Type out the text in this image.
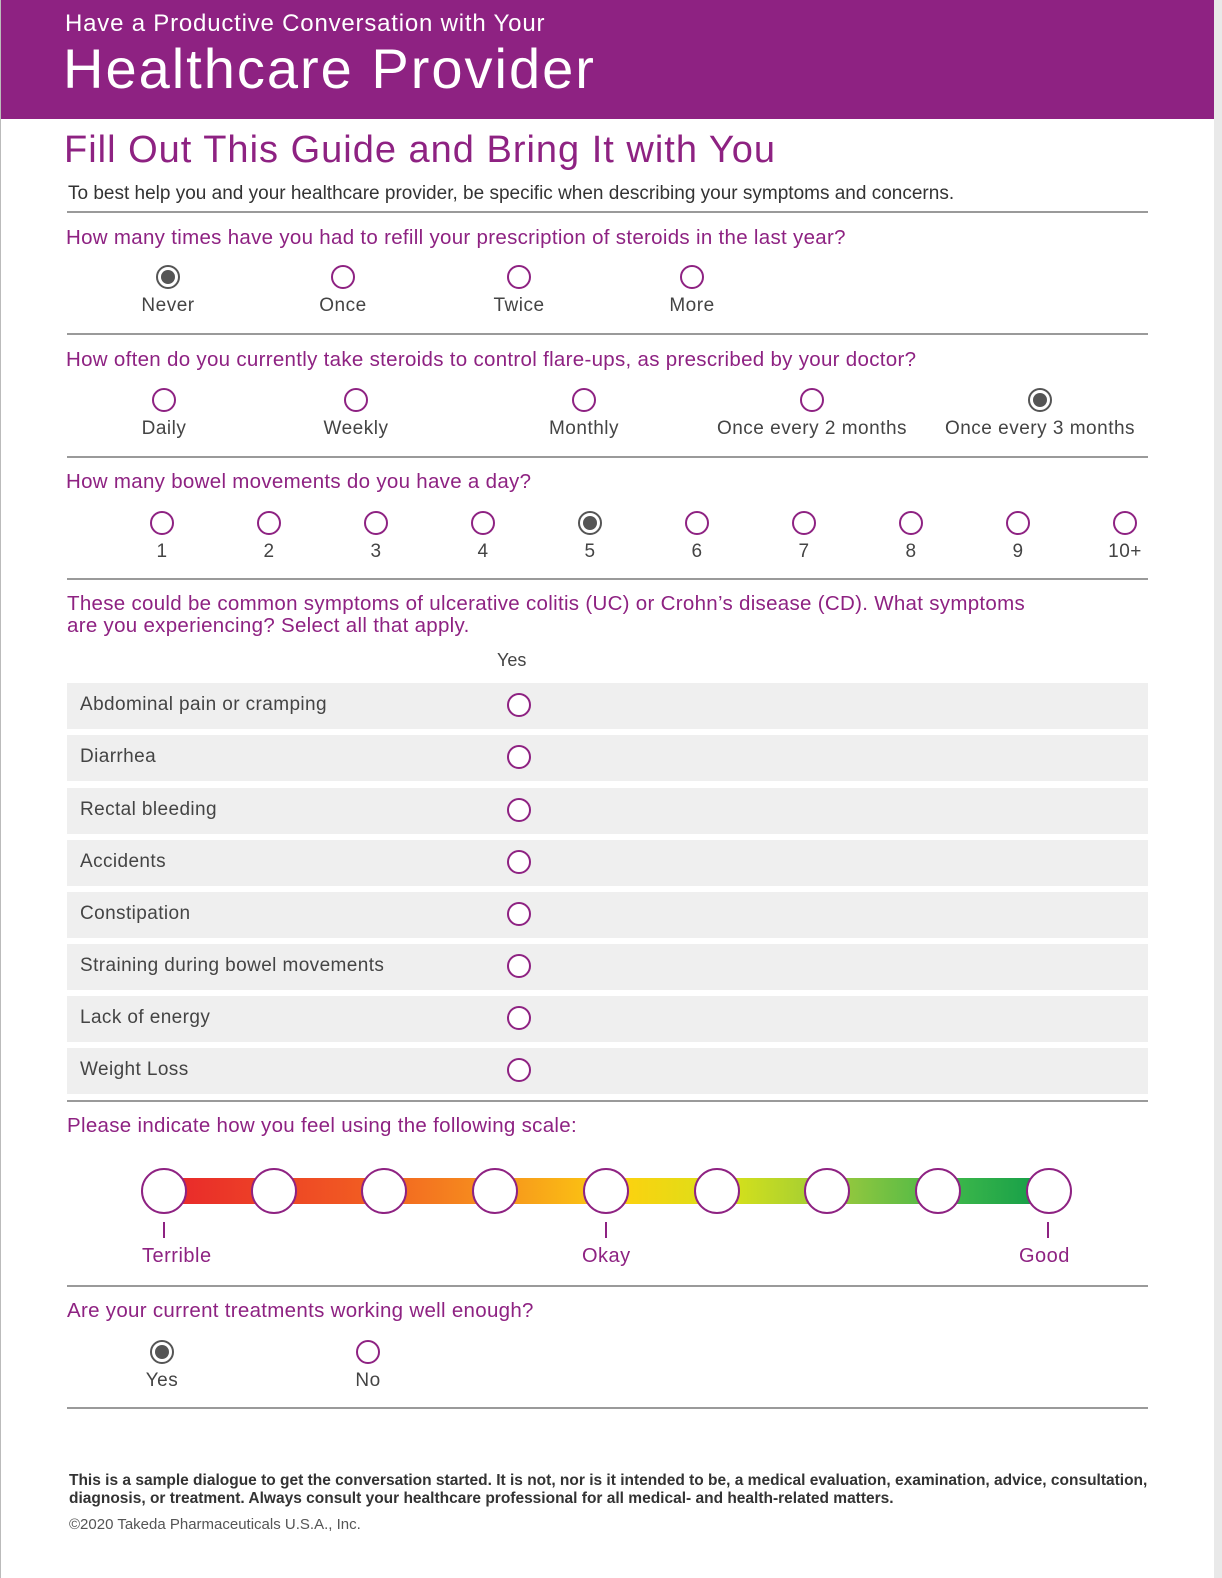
Have a Productive Conversation with Your
Healthcare Provider
Fill Out This Guide and Bring It with You
To best help you and your healthcare provider, be specific when describing your symptoms and concerns.
How many times have you had to refill your prescription of steroids in the last year?
Never	Once	Twice	More
How often do you currently take steroids to control flare-ups, as prescribed by your doctor?
Daily	Weekly	Monthly	Once every 2 months	Once every 3 months
How many bowel movements do you have a day?
1	2	3	4	5	6	7	8	9	10+
These could be common symptoms of ulcerative colitis (UC) or Crohn’s disease (CD). What symptoms
are you experiencing? Select all that apply.
Yes
Abdominal pain or cramping
Diarrhea
Rectal bleeding
Accidents
Constipation
Straining during bowel movements
Lack of energy
Weight Loss
Please indicate how you feel using the following scale:
Terrible	Okay	Good
Are your current treatments working well enough?
Yes	No
This is a sample dialogue to get the conversation started. It is not, nor is it intended to be, a medical evaluation, examination, advice, consultation, diagnosis, or treatment. Always consult your healthcare professional for all medical- and health-related matters.
©2020 Takeda Pharmaceuticals U.S.A., Inc.
